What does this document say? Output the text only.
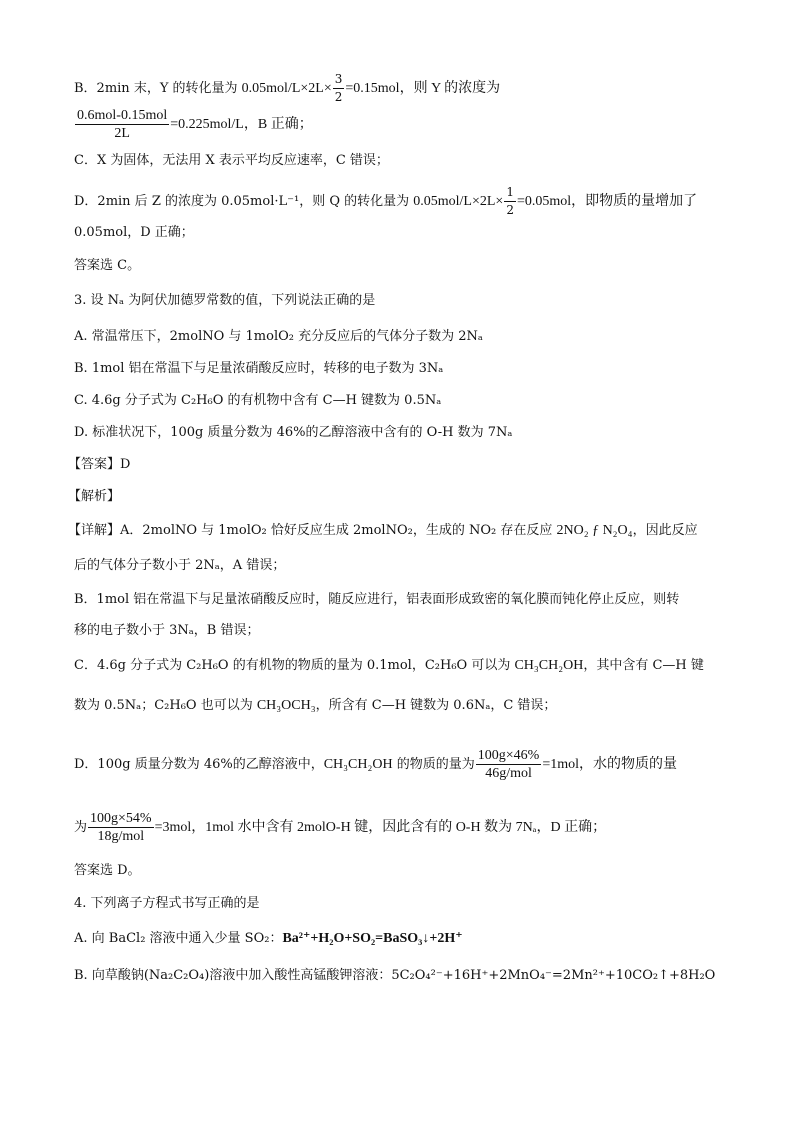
B．2min 末，Y 的转化量为 $0.05mol/L\times 2L\times \frac{3}{2} =0.15mol$，则 Y 的浓度为
$\frac{\text{0.6mol-0.15mol}}{2L} =0.225mol/L$，B 正确；
C．X 为固体，无法用 X 表示平均反应速率，C 错误；
D．2min 后 Z 的浓度为 0.05mol·L⁻¹，则 Q 的转化量为 $0.05mol/L\times 2L\times \frac{1}{2} =0.05mol$，即物质的量增加了
0.05mol，D 正确；
答案选 C。
3. 设 Nₐ 为阿伏加德罗常数的值，下列说法正确的是
A. 常温常压下，2molNO 与 1molO₂ 充分反应后的气体分子数为 2Nₐ
B. 1mol 铝在常温下与足量浓硝酸反应时，转移的电子数为 3Nₐ
C. 4.6g 分子式为 C₂H₆O 的有机物中含有 C—H 键数为 0.5Nₐ
D. 标准状况下，100g 质量分数为 46%的乙醇溶液中含有的 O-H 数为 7Nₐ
【答案】D
【解析】
【详解】A．2molNO 与 1molO₂ 恰好反应生成 2molNO₂，生成的 NO₂ 存在反应 2NO₂ ƒ N₂O₄，因此反应
后的气体分子数小于 2Nₐ，A 错误；
B．1mol 铝在常温下与足量浓硝酸反应时，随反应进行，铝表面形成致密的氧化膜而钝化停止反应，则转
移的电子数小于 3Nₐ，B 错误；
C．4.6g 分子式为 C₂H₆O 的有机物的物质的量为 0.1mol，C₂H₆O 可以为 CH₃CH₂OH，其中含有 C—H 键
数为 0.5Nₐ；C₂H₆O 也可以为 CH₃OCH₃，所含有 C—H 键数为 0.6Nₐ，C 错误；
D．100g 质量分数为 46%的乙醇溶液中，CH₃CH₂OH 的物质的量为 $\frac{100g\times 46\%}{\text{46g/mol}} =1mol$，水的物质的量
为 $\frac{100g\times 54\%}{\text{18g/mol}} =3mol$，1mol 水中含有 2molO-H 键，因此含有的 O-H 数为 7Nₐ，D 正确；
答案选 D。
4. 下列离子方程式书写正确的是
A. 向 BaCl₂ 溶液中通入少量 SO₂：Ba²⁺+H₂O+SO₂=BaSO₃↓+2H⁺
B. 向草酸钠(Na₂C₂O₄)溶液中加入酸性高锰酸钾溶液：5C₂O₄²⁻+16H⁺+2MnO₄⁻=2Mn²⁺+10CO₂↑+8H₂O
